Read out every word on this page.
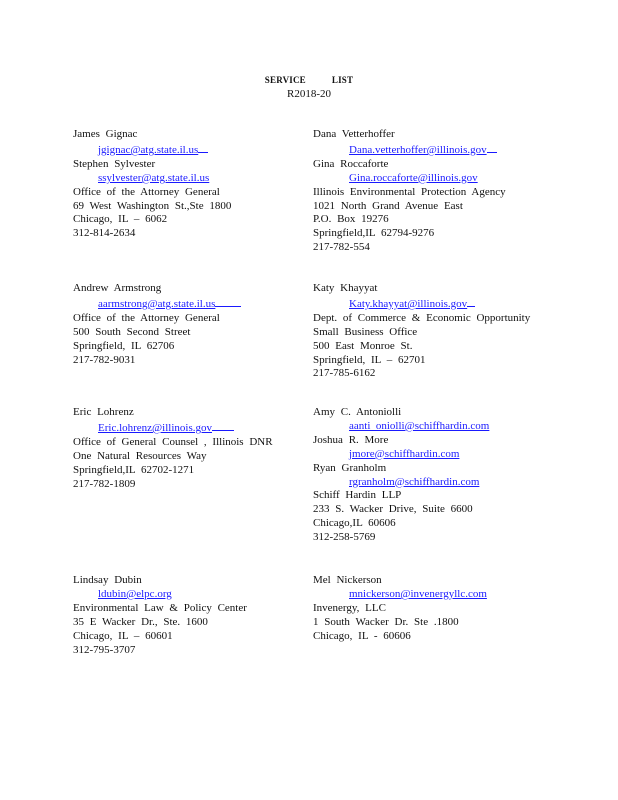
SERVICE	LIST
R2018-20
James Gignac
jgignac@atg.state.il.us
Stephen Sylvester
ssylvester@atg.state.il.us
Office of the Attorney General
69 West Washington St.,Ste 1800
Chicago, IL – 6062
312-814-2634
Dana Vetterhoffer
Dana.vetterhoffer@illinois.gov
Gina Roccaforte
Gina.roccaforte@illinois.gov
Illinois Environmental Protection Agency
1021 North Grand Avenue East
P.O. Box 19276
Springfield,IL 62794-9276
217-782-554
Andrew Armstrong
aarmstrong@atg.state.il.us
Office of the Attorney General
500 South Second Street
Springfield, IL 62706
217-782-9031
Katy Khayyat
Katy.khayyat@illinois.gov
Dept. of Commerce & Economic Opportunity
Small Business Office
500 East Monroe St.
Springfield, IL – 62701
217-785-6162
Eric Lohrenz
Eric.lohrenz@illinois.gov
Office of General Counsel , Illinois DNR
One Natural Resources Way
Springfield,IL 62702-1271
217-782-1809
Amy C. Antoniolli
aanti_oniolli@schiffhardin.com
Joshua R. More
jmore@schiffhardin.com
Ryan Granholm
rgranholm@schiffhardin.com
Schiff Hardin LLP
233 S. Wacker Drive, Suite 6600
Chicago,IL 60606
312-258-5769
Lindsay Dubin
ldubin@elpc.org
Environmental Law & Policy Center
35 E Wacker Dr., Ste. 1600
Chicago, IL – 60601
312-795-3707
Mel Nickerson
mnickerson@invenergyllc.com
Invenergy, LLC
1 South Wacker Dr. Ste .1800
Chicago, IL - 60606
